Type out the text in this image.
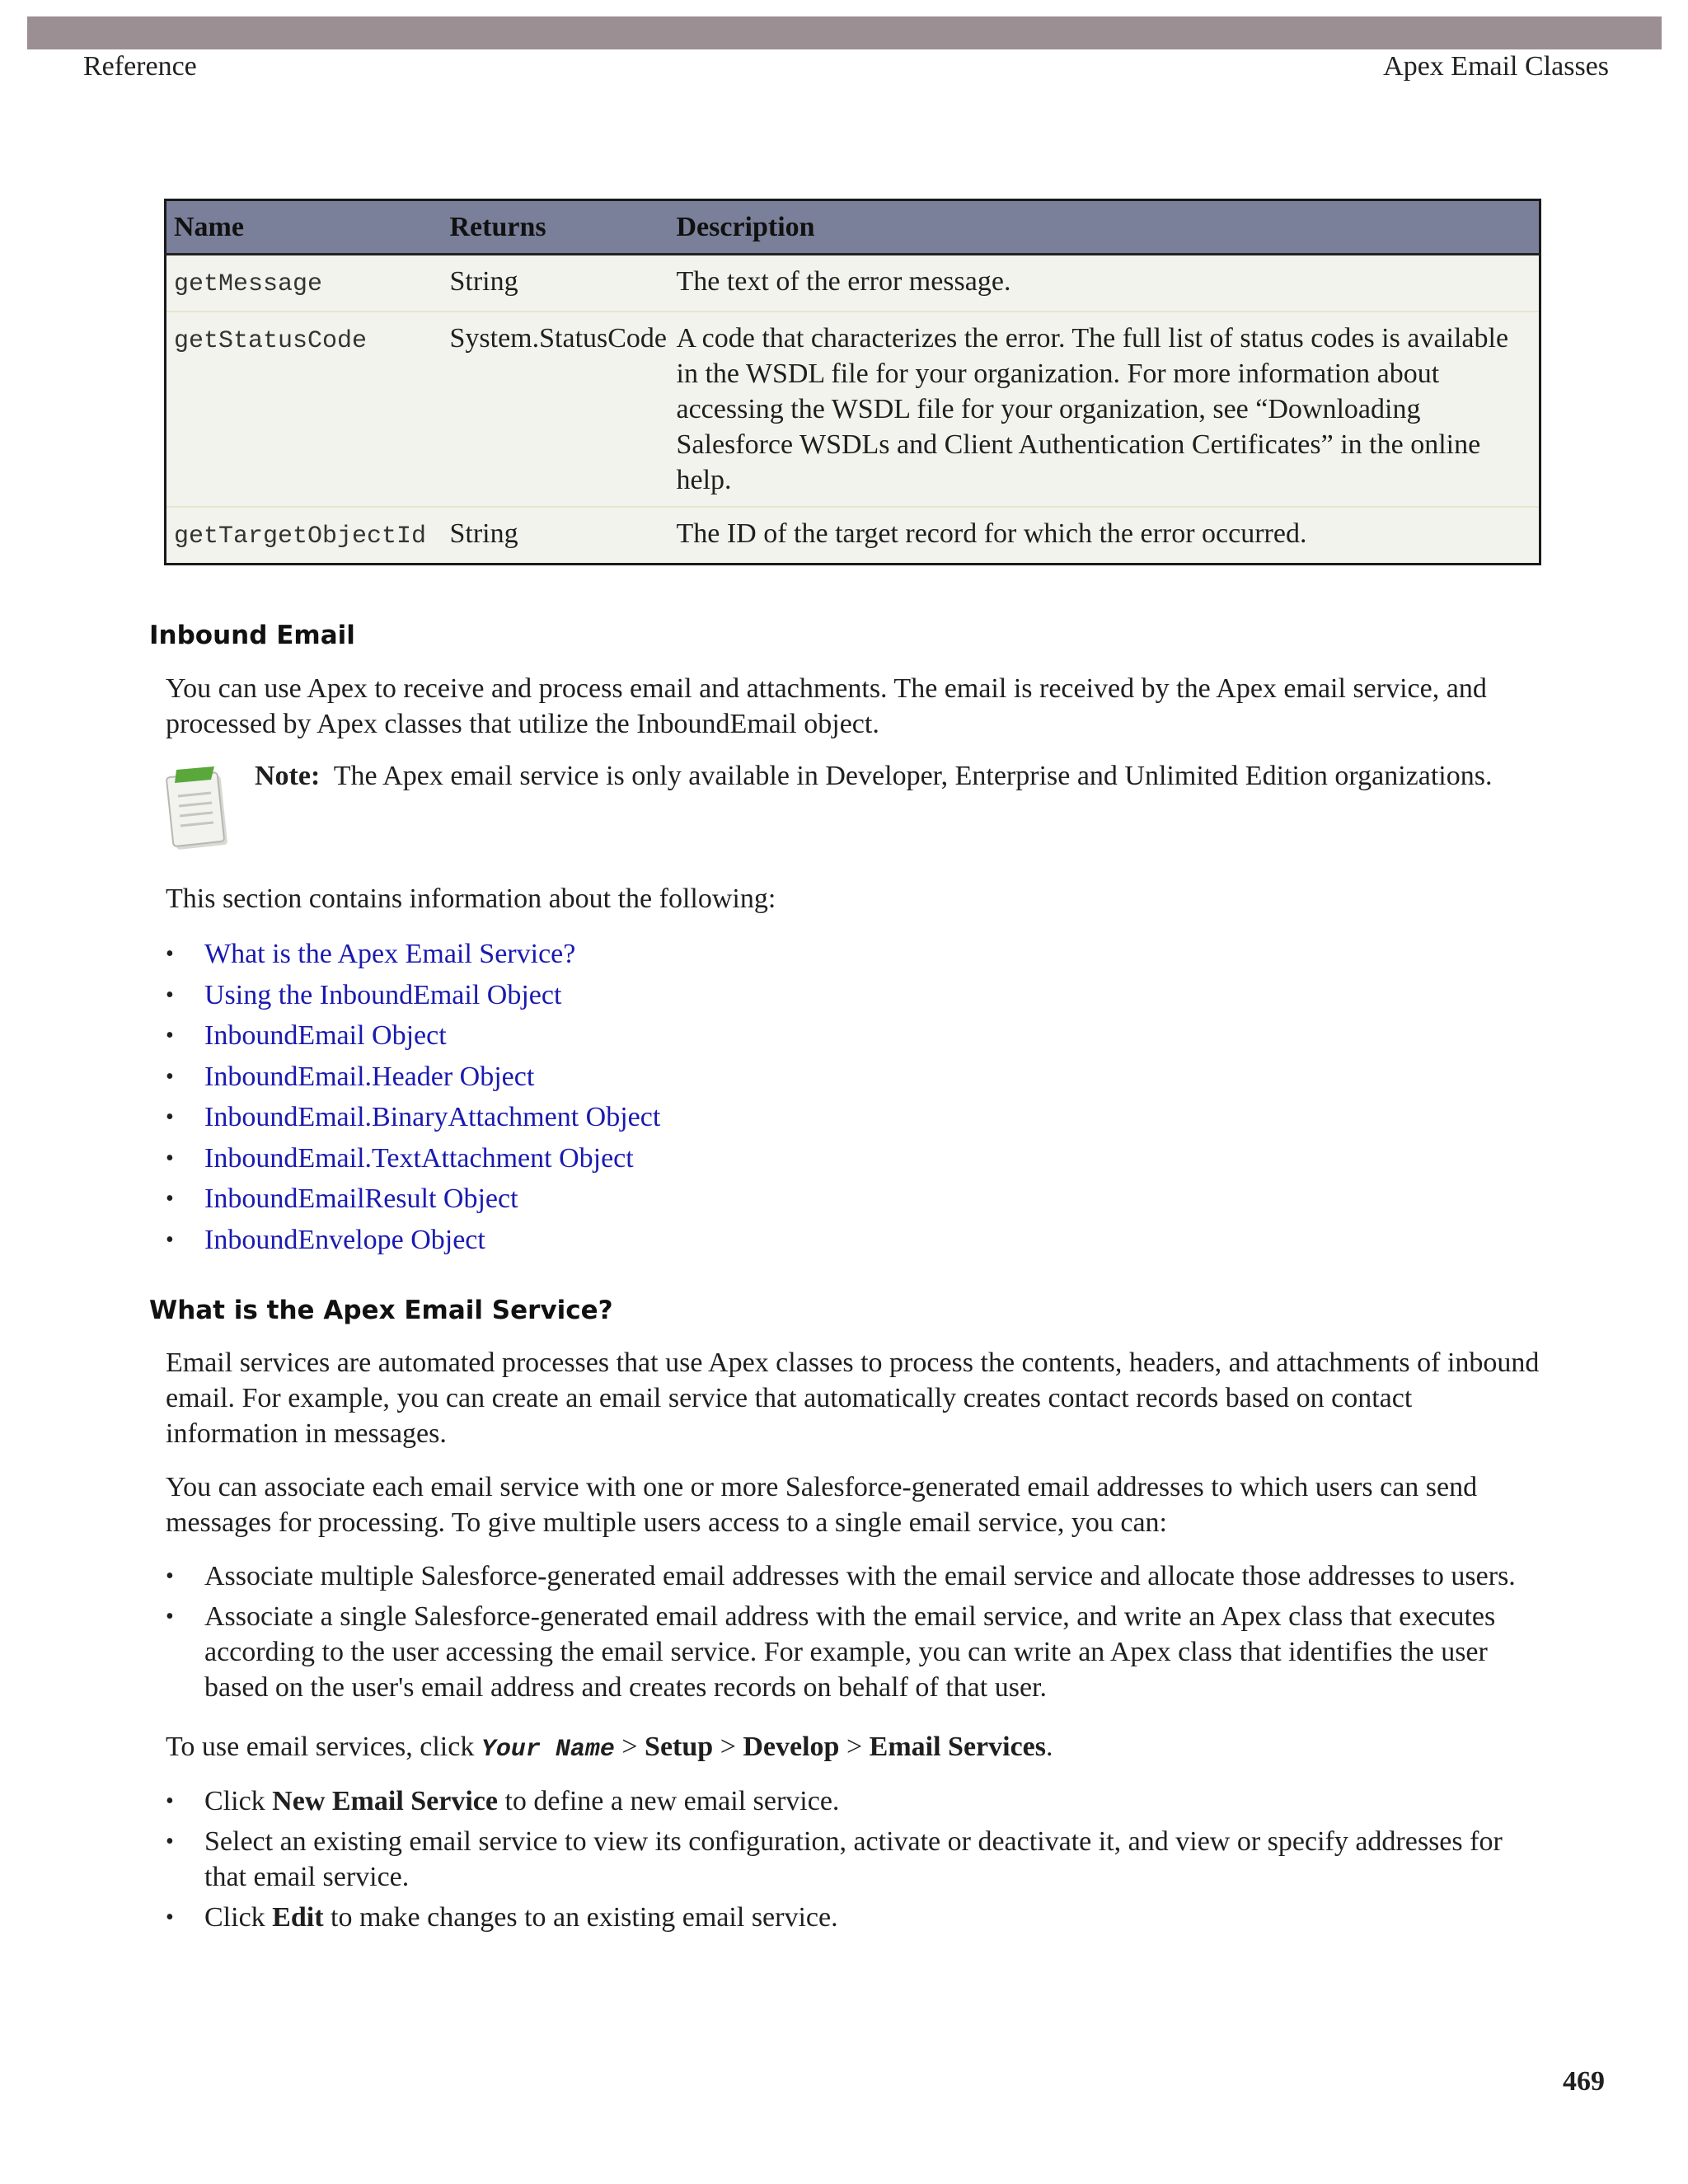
Reference	Apex Email Classes
Name	Returns	Description
getMessage	String	The text of the error message.
getStatusCode	System.StatusCode	A code that characterizes the error. The full list of status codes is available in the WSDL file for your organization. For more information about accessing the WSDL file for your organization, see “Downloading Salesforce WSDLs and Client Authentication Certificates” in the online help.
getTargetObjectId	String	The ID of the target record for which the error occurred.
Inbound Email

You can use Apex to receive and process email and attachments. The email is received by the Apex email service, and processed by Apex classes that utilize the InboundEmail object.

Note: The Apex email service is only available in Developer, Enterprise and Unlimited Edition organizations.

This section contains information about the following:

• What is the Apex Email Service?
• Using the InboundEmail Object
• InboundEmail Object
• InboundEmail.Header Object
• InboundEmail.BinaryAttachment Object
• InboundEmail.TextAttachment Object
• InboundEmailResult Object
• InboundEnvelope Object
What is the Apex Email Service?

Email services are automated processes that use Apex classes to process the contents, headers, and attachments of inbound email. For example, you can create an email service that automatically creates contact records based on contact information in messages.

You can associate each email service with one or more Salesforce-generated email addresses to which users can send messages for processing. To give multiple users access to a single email service, you can:

• Associate multiple Salesforce-generated email addresses with the email service and allocate those addresses to users.
• Associate a single Salesforce-generated email address with the email service, and write an Apex class that executes according to the user accessing the email service. For example, you can write an Apex class that identifies the user based on the user's email address and creates records on behalf of that user.

To use email services, click Your Name > Setup > Develop > Email Services.

• Click New Email Service to define a new email service.
• Select an existing email service to view its configuration, activate or deactivate it, and view or specify addresses for that email service.
• Click Edit to make changes to an existing email service.
469
